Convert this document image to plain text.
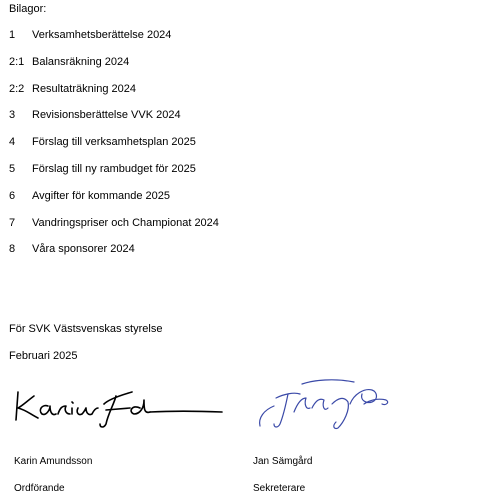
Bilagor:
1 Verksamhetsberättelse 2024
2:1 Balansräkning 2024
2:2 Resultaträkning 2024
3 Revisionsberättelse VVK 2024
4 Förslag till verksamhetsplan 2025
5 Förslag till ny rambudget för 2025
6 Avgifter för kommande 2025
7 Vandringspriser och Championat 2024
8 Våra sponsorer 2024
För SVK Västsvenskas styrelse
Februari 2025
Karin Amundsson
Ordförande
Jan Sämgård
Sekreterare
